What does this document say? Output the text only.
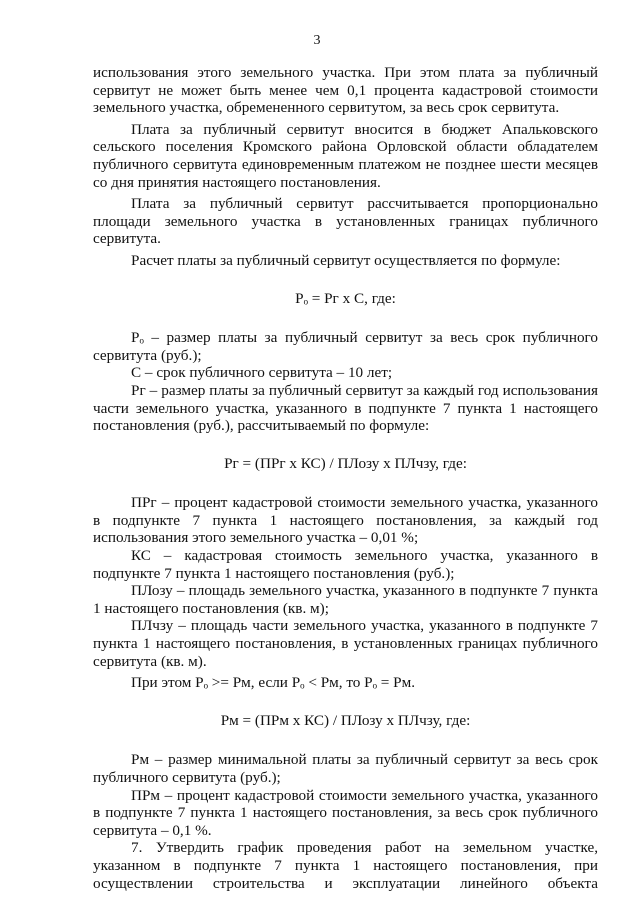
3

использования этого земельного участка. При этом плата за публичный сервитут не может быть менее чем 0,1 процента кадастровой стоимости земельного участка, обремененного сервитутом, за весь срок сервитута.

Плата за публичный сервитут вносится в бюджет Апальковского сельского поселения Кромского района Орловской области обладателем публичного сервитута единовременным платежом не позднее шести месяцев со дня принятия настоящего постановления.

Плата за публичный сервитут рассчитывается пропорционально площади земельного участка в установленных границах публичного сервитута.

Расчет платы за публичный сервитут осуществляется по формуле:

Рₒ = Рг х С, где:

Рₒ – размер платы за публичный сервитут за весь срок публичного сервитута (руб.);

С – срок публичного сервитута – 10 лет;

Рг – размер платы за публичный сервитут за каждый год использования части земельного участка, указанного в подпункте 7 пункта 1 настоящего постановления (руб.), рассчитываемый по формуле:

Рг = (ПРг х КС) / ПЛозу х ПЛчзу, где:

ПРг – процент кадастровой стоимости земельного участка, указанного в подпункте 7 пункта 1 настоящего постановления, за каждый год использования этого земельного участка – 0,01 %;

КС – кадастровая стоимость земельного участка, указанного в подпункте 7 пункта 1 настоящего постановления (руб.);

ПЛозу – площадь земельного участка, указанного в подпункте 7 пункта 1 настоящего постановления (кв. м);

ПЛчзу – площадь части земельного участка, указанного в подпункте 7 пункта 1 настоящего постановления, в установленных границах публичного сервитута (кв. м).

При этом Рₒ >= Рм, если Рₒ < Рм, то Рₒ = Рм.

Рм = (ПРм х КС) / ПЛозу х ПЛчзу, где:

Рм – размер минимальной платы за публичный сервитут за весь срок публичного сервитута (руб.);

ПРм – процент кадастровой стоимости земельного участка, указанного в подпункте 7 пункта 1 настоящего постановления, за весь срок публичного сервитута – 0,1 %.

7. Утвердить график проведения работ на земельном участке, указанном в подпункте 7 пункта 1 настоящего постановления, при осуществлении строительства и эксплуатации линейного объекта
